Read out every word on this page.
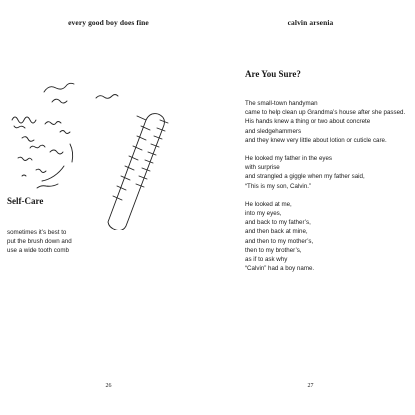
every good boy does fine
Self-Care

sometimes it’s best to
put the brush down and
use a wide tooth comb

26
calvin arsenia
27
Are You Sure?

The small-town handyman
came to help clean up Grandma’s house after she passed.
His hands knew a thing or two about concrete
and sledgehammers
and they knew very little about lotion or cuticle care.

He looked my father in the eyes
with surprise
and strangled a giggle when my father said,
“This is my son, Calvin.”

He looked at me,
into my eyes,
and back to my father’s,
and then back at mine,
and then to my mother’s,
then to my brother’s,
as if to ask why
“Calvin” had a boy name.
